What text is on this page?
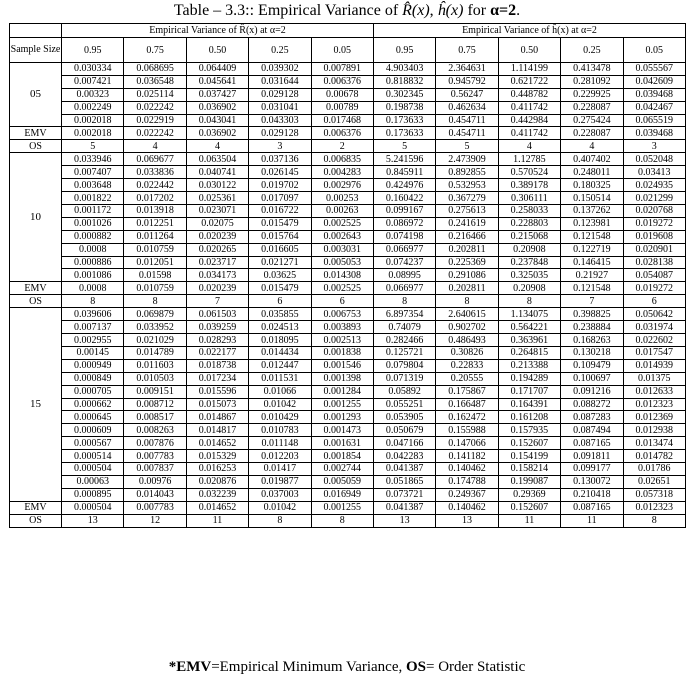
Table – 3.3:: Empirical Variance of R̂(x), ĥ(x) for α=2.
	Empirical Variance of R̂(x) at α=2					Empirical Variance of ĥ(x) at α=2				
Sample Size	0.95	0.75	0.50	0.25	0.05	0.95	0.75	0.50	0.25	0.05
05	0.030334	0.068695	0.064409	0.039302	0.007891	4.903403	2.364631	1.114199	0.413478	0.055567
	0.007421	0.036548	0.045641	0.031644	0.006376	0.818832	0.945792	0.621722	0.281092	0.042609
	0.00323	0.025114	0.037427	0.029128	0.00678	0.302345	0.56247	0.448782	0.229925	0.039468
	0.002249	0.022242	0.036902	0.031041	0.00789	0.198738	0.462634	0.411742	0.228087	0.042467
	0.002018	0.022919	0.043041	0.043303	0.017468	0.173633	0.454711	0.442984	0.275424	0.065519
EMV	0.002018	0.022242	0.036902	0.029128	0.006376	0.173633	0.454711	0.411742	0.228087	0.039468
OS	5	4	4	3	2	5	5	4	4	3
10	0.033946	0.069677	0.063504	0.037136	0.006835	5.241596	2.473909	1.12785	0.407402	0.052048
	0.007407	0.033836	0.040741	0.026145	0.004283	0.845911	0.892855	0.570524	0.248011	0.03413
	0.003648	0.022442	0.030122	0.019702	0.002976	0.424976	0.532953	0.389178	0.180325	0.024935
	0.001822	0.017202	0.025361	0.017097	0.00253	0.160422	0.367279	0.306111	0.150514	0.021299
	0.001172	0.013918	0.023071	0.016722	0.00263	0.099167	0.275613	0.258033	0.137262	0.020768
	0.001026	0.012251	0.02075	0.015479	0.002525	0.086972	0.241619	0.228803	0.123981	0.019272
	0.000882	0.011264	0.020239	0.015764	0.002643	0.074198	0.216466	0.215068	0.121548	0.019608
	0.0008	0.010759	0.020265	0.016605	0.003031	0.066977	0.202811	0.20908	0.122719	0.020901
	0.000886	0.012051	0.023717	0.021271	0.005053	0.074237	0.225369	0.237848	0.146415	0.028138
	0.001086	0.01598	0.034173	0.03625	0.014308	0.08995	0.291086	0.325035	0.21927	0.054087
EMV	0.0008	0.010759	0.020239	0.015479	0.002525	0.066977	0.202811	0.20908	0.121548	0.019272
OS	8	8	7	6	6	8	8	8	7	6
15	0.039606	0.069879	0.061503	0.035855	0.006753	6.897354	2.640615	1.134075	0.398825	0.050642
	0.007137	0.033952	0.039259	0.024513	0.003893	0.74079	0.902702	0.564221	0.238884	0.031974
	0.002955	0.021029	0.028293	0.018095	0.002513	0.282466	0.486493	0.363961	0.168263	0.022602
	0.00145	0.014789	0.022177	0.014434	0.001838	0.125721	0.30826	0.264815	0.130218	0.017547
	0.000949	0.011603	0.018738	0.012447	0.001546	0.079804	0.22833	0.213388	0.109479	0.014939
	0.000849	0.010503	0.017234	0.011531	0.001398	0.071319	0.20555	0.194289	0.100697	0.01375
	0.000705	0.009151	0.015596	0.01066	0.001284	0.05892	0.175867	0.171707	0.091216	0.012633
	0.000662	0.008712	0.015073	0.01042	0.001255	0.055251	0.166487	0.164391	0.088272	0.012323
	0.000645	0.008517	0.014867	0.010429	0.001293	0.053905	0.162472	0.161208	0.087283	0.012369
	0.000609	0.008263	0.014817	0.010783	0.001473	0.050679	0.155988	0.157935	0.087494	0.012938
	0.000567	0.007876	0.014652	0.011148	0.001631	0.047166	0.147066	0.152607	0.087165	0.013474
	0.000514	0.007783	0.015329	0.012203	0.001854	0.042283	0.141182	0.154199	0.091811	0.014782
	0.000504	0.007837	0.016253	0.01417	0.002744	0.041387	0.140462	0.158214	0.099177	0.01786
	0.00063	0.00976	0.020876	0.019877	0.005059	0.051865	0.174788	0.199087	0.130072	0.02651
	0.000895	0.014043	0.032239	0.037003	0.016949	0.073721	0.249367	0.29369	0.210418	0.057318
EMV	0.000504	0.007783	0.014652	0.01042	0.001255	0.041387	0.140462	0.152607	0.087165	0.012323
OS	13	12	11	8	8	13	13	11	11	8
*EMV=Empirical Minimum Variance, OS= Order Statistic
